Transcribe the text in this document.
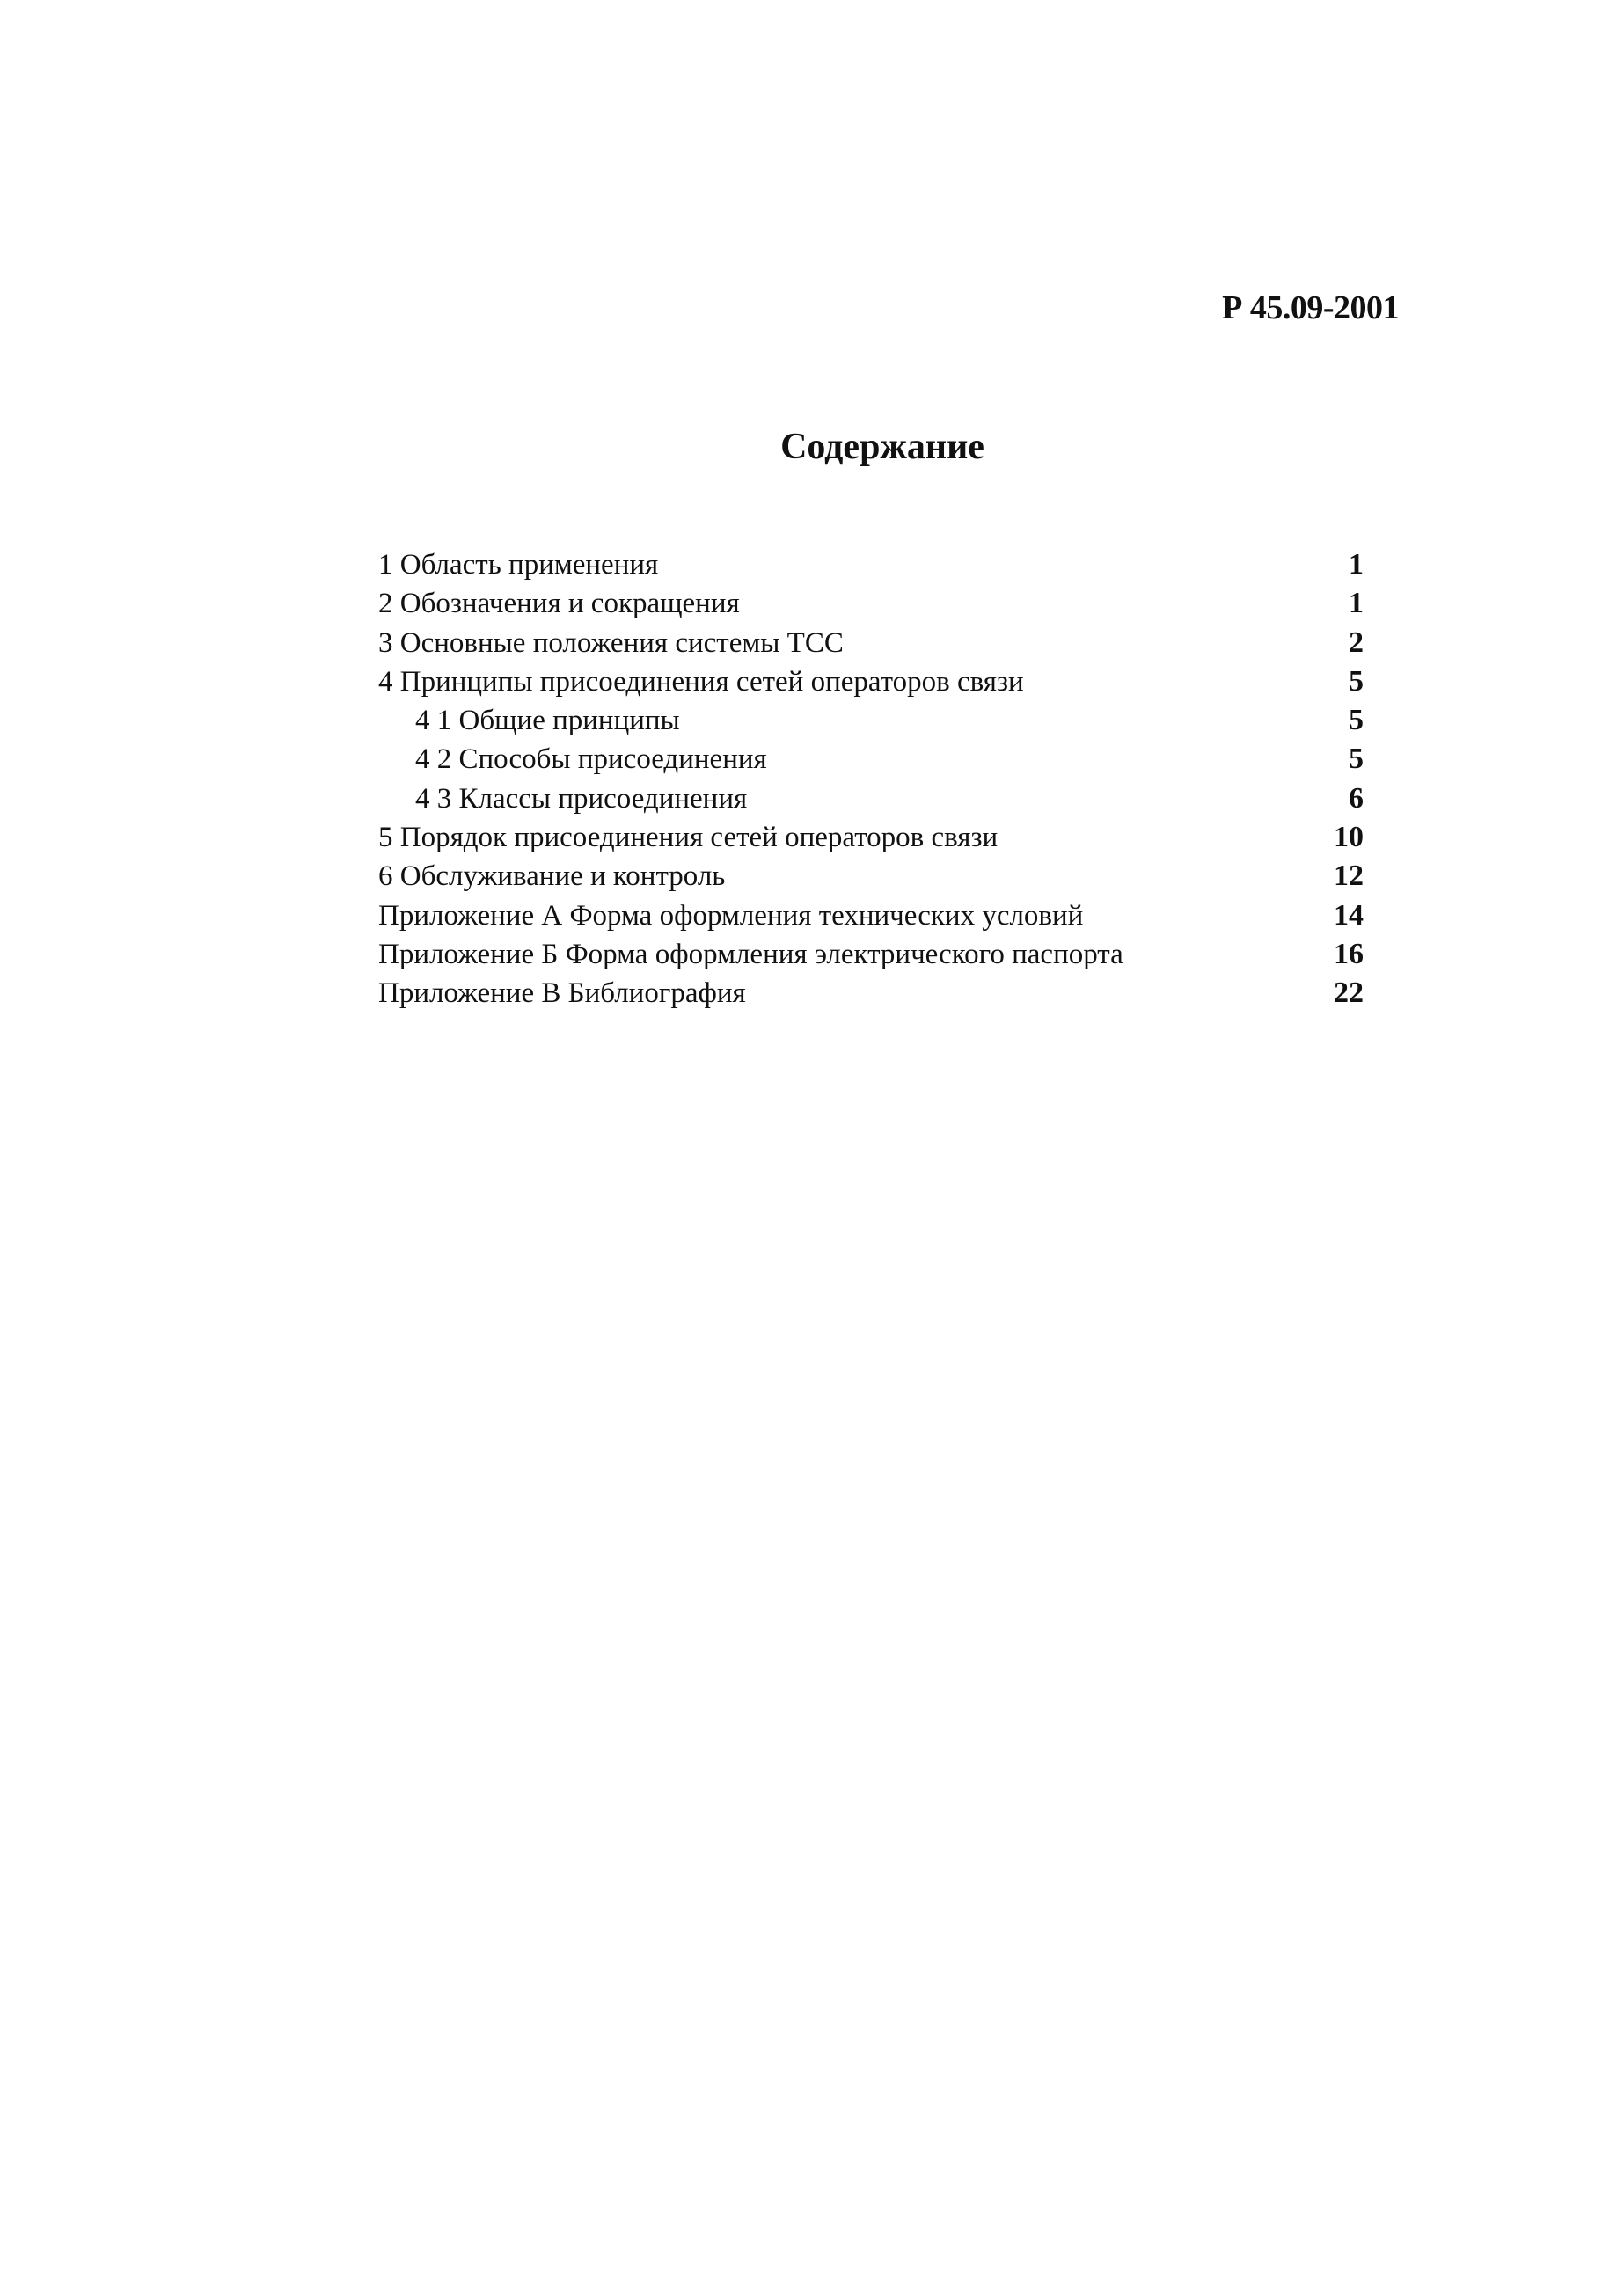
Р 45.09-2001
Содержание
1 Область применения	1
2 Обозначения и сокращения	1
3 Основные положения системы ТСС	2
4 Принципы присоединения сетей операторов связи	5
4 1 Общие принципы	5
4 2 Способы присоединения	5
4 3 Классы присоединения	6
5 Порядок присоединения сетей операторов связи	10
6 Обслуживание и контроль	12
Приложение А Форма оформления технических условий	14
Приложение Б Форма оформления электрического паспорта	16
Приложение В Библиография	22
